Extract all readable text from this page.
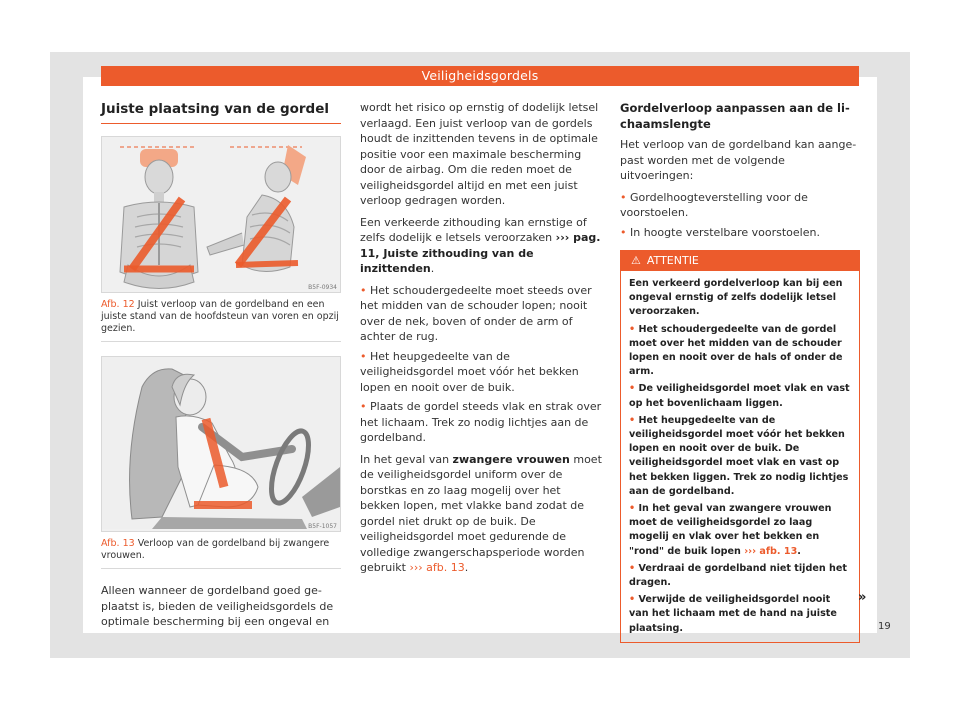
Veiligheidsgordels
Juiste plaatsing van de gordel
B5F-0934
Afb. 12 Juist verloop van de gordelband en een juiste stand van de hoofdsteun van voren en opzij gezien.
B5F-1057
Afb. 13 Verloop van de gordelband bij zwangere vrouwen.

Alleen wanneer de gordelband goed geplaatst is, bieden de veiligheidsgordels de optimale bescherming bij een ongeval en

wordt het risico op ernstig of dodelijk letsel verlaagd. Een juist verloop van de gordels houdt de inzittenden tevens in de optimale positie voor een maximale bescherming door de airbag. Om die reden moet de veiligheidsgordel altijd en met een juist verloop gedragen worden.

Een verkeerde zithouding kan ernstige of zelfs dodelijk e letsels veroorzaken ››› pag. 11, Juiste zithouding van de inzittenden.

• Het schoudergedeelte moet steeds over het midden van de schouder lopen; nooit over de nek, boven of onder de arm of achter de rug.

• Het heupgedeelte van de veiligheidsgordel moet vóór het bekken lopen en nooit over de buik.

• Plaats de gordel steeds vlak en strak over het lichaam. Trek zo nodig lichtjes aan de gordelband.

In het geval van zwangere vrouwen moet de veiligheidsgordel uniform over de borstkas en zo laag mogelij over het bekken lopen, met vlakke band zodat de gordel niet drukt op de buik. De veiligheidsgordel moet gedurende de volledige zwangerschapsperiode worden gebruikt ››› afb. 13.

Gordelverloop aanpassen aan de lichaamslengte

Het verloop van de gordelband kan aangepast worden met de volgende uitvoeringen:

• Gordelhoogteverstelling voor de voorstoelen.

• In hoogte verstelbare voorstoelen.

⚠ ATTENTIE

Een verkeerd gordelverloop kan bij een ongeval ernstig of zelfs dodelijk letsel veroorzaken.

• Het schoudergedeelte van de gordel moet over het midden van de schouder lopen en nooit over de hals of onder de arm.

• De veiligheidsgordel moet vlak en vast op het bovenlichaam liggen.

• Het heupgedeelte van de veiligheidsgordel moet vóór het bekken lopen en nooit over de buik. De veiligheidsgordel moet vlak en vast op het bekken liggen. Trek zo nodig lichtjes aan de gordelband.

• In het geval van zwangere vrouwen moet de veiligheidsgordel zo laag mogelij en vlak over het bekken en "rond" de buik lopen ››› afb. 13.

• Verdraai de gordelband niet tijden het dragen.

• Verwijde de veiligheidsgordel nooit van het lichaam met de hand na juiste plaatsing.

»
19
